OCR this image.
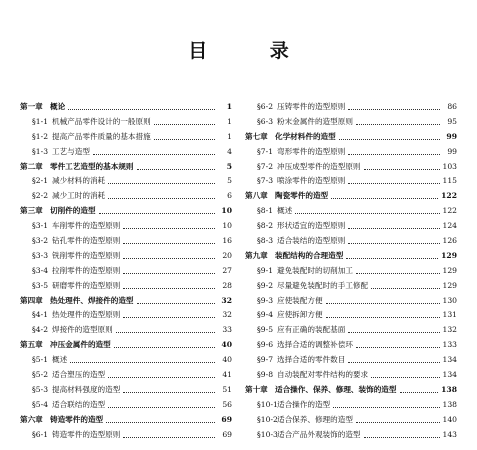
目 录
第一章 概论	1
§1-1 机械产品零件设计的一般原则	1
§1-2 提高产品零件质量的基本措施	1
§1-3 工艺与造型	4
第二章 零件工艺造型的基本规则	5
§2-1 减少材料的消耗	5
§2-2 减少工时的消耗	6
第三章 切削件的造型	10
§3-1 车削零件的造型原则	10
§3-2 钻孔零件的造型原则	16
§3-3 铣削零件的造型原则	20
§3-4 拉削零件的造型原则	27
§3-5 研磨零件的造型原则	28
第四章 热处理件、焊接件的造型	32
§4-1 热处理件的造型原则	32
§4-2 焊接件的造型原则	33
第五章 冲压金属件的造型	40
§5-1 概述	40
§5-2 适合塑压的造型	41
§5-3 提高材料强度的造型	51
§5-4 适合联结的造型	56
第六章 铸造零件的造型	69
§6-1 铸造零件的造型原则	69
§6-2 压铸零件的造型原则	86
§6-3 粉末金属件的造型原则	95
第七章 化学材料件的造型	99
§7-1 弯形零件的造型原则	99
§7-2 冲压成型零件的造型原则	103
§7-3 喷涂零件的造型原则	115
第八章 陶瓷零件的造型	122
§8-1 概述	122
§8-2 形状适宜的造型原则	124
§8-3 适合装结的造型原则	126
第九章 装配结构的合理造型	129
§9-1 避免装配时的切削加工	129
§9-2 尽量避免装配时的手工修配	129
§9-3 应使装配方便	130
§9-4 应使拆卸方便	131
§9-5 应有正确的装配基面	132
§9-6 选择合适的调整补偿环	133
§9-7 选择合适的零件数目	134
§9-8 自动装配对零件结构的要求	134
第十章 适合操作、保养、修理、装饰的造型	138
§10-1 适合操作的造型	138
§10-2 适合保养、修理的造型	140
§10-3 适合产品外观装饰的造型	143
